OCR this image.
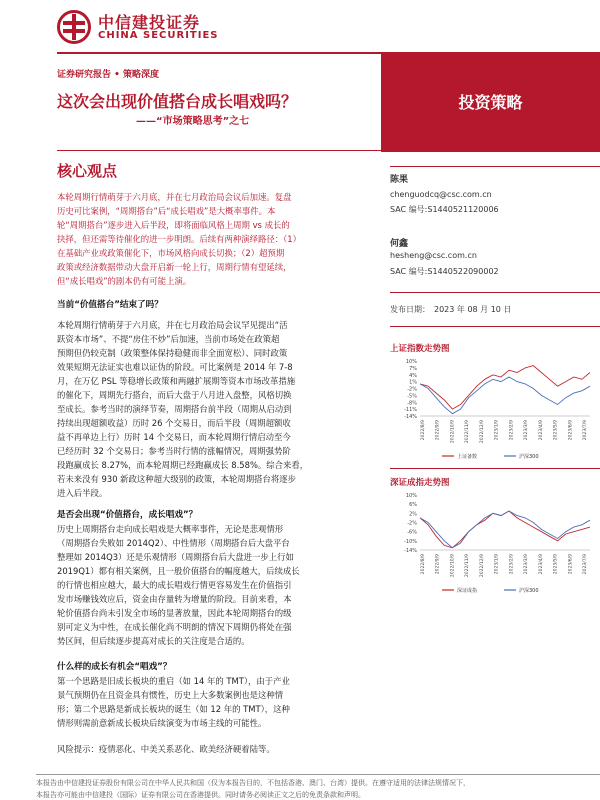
中信建投证券
CHINA SECURITIES
证券研究报告 • 策略深度
这次会出现价值搭台成长唱戏吗？
——“市场策略思考”之七
投资策略
核心观点

本轮周期行情萌芽于六月底，并在七月政治局会议后加速。复盘
历史可比案例，“周期搭台”后“成长唱戏”是大概率事件。本
轮“周期搭台”逐步进入后半段，即将面临风格上周期 vs 成长的
抉择，但还需等待催化的进一步明朗。后续有两种演绎路径：（1）
在基础产业或政策催化下，市场风格向成长切换；（2）超预期
政策或经济数据带动大盘开启新一轮上行，周期行情有望延续，
但“成长唱戏”的剧本仍有可能上演。

当前“价值搭台”结束了吗？

本轮周期行情萌芽于六月底，并在七月政治局会议罕见提出“活
跃资本市场”、不提“房住不炒”后加速，当前市场处在政策超
预期但仍较克制（政策整体保持稳健而非全面宽松）、同时政策
效果短期无法证实也难以证伪的阶段。可比案例是 2014 年 7-8
月，在万亿 PSL 等稳增长政策和两融扩展期等资本市场改革措施
的催化下，周期先行搭台，而后大盘于八月进入盘整，风格切换
至成长。参考当时的演绎节奏，周期搭台前半段（周期从启动到
持续出现超额收益）历时 26 个交易日，而后半段（周期超额收
益不再单边上行）历时 14 个交易日，而本轮周期行情启动至今
已经历时 32 个交易日；参考当时行情的涨幅情况，周期强势阶
段跑赢成长 8.27%，而本轮周期已经跑赢成长 8.58%。综合来看，
若未来没有 930 新政这种超大级别的政策，本轮周期搭台将逐步
进入后半段。

是否会出现“价值搭台，成长唱戏”？

历史上周期搭台走向成长唱戏是大概率事件，无论是悲观情形
（周期搭台失败如 2014Q2）、中性情形（周期搭台后大盘平台
整理如 2014Q3）还是乐观情形（周期搭台后大盘进一步上行如
2019Q1）都有相关案例，且一般价值搭台的幅度越大，后续成长
的行情也相应越大，最大的成长唱戏行情更容易发生在价值指引
发市场赚钱效应后，资金由存量转为增量的阶段。目前来看，本
轮价值搭台尚未引发全市场的显著放量，因此本轮周期搭台的级
别可定义为中性，在成长催化尚不明朗的情况下周期仍将处在强
势区间，但后续逐步提高对成长的关注度是合适的。

什么样的成长有机会“唱戏”？

第一个思路是旧成长板块的重启（如 14 年的 TMT），由于产业
景气预期仍在且资金具有惯性，历史上大多数案例也是这种情
形；第二个思路是新成长板块的诞生（如 12 年的 TMT），这种
情形则需前意新成长板块后续演变为市场主线的可能性。

风险提示：疫情恶化、中美关系恶化、欧美经济硬着陆等。
陈果
chenguodcq@csc.com.cn
SAC 编号:S1440521120006
何鑫
hesheng@csc.com.cn
SAC 编号:S1440522090002
发布日期：　2023 年 08 月 10 日
上证指数走势图
10%
7%
4%
1%
-2%
-5%
-8%
-11%
-14%
2022/8/9 2022/9/9 2022/10/9 2022/11/9 2022/12/9 2023/1/9 2023/2/9 2023/3/9 2023/4/9 2023/5/9 2023/6/9 2023/7/9
上证备数	沪深300
深证成指走势图
10%
6%
2%
-2%
-6%
-10%
-14%
2022/8/9 2022/9/9 2022/10/9 2022/11/9 2022/12/9 2023/1/9 2023/2/9 2023/3/9 2023/4/9 2023/5/9 2023/6/9 2023/7/9
深证成指	沪深300
本报告由中信建投证券股份有限公司在中华人民共和国（仅为本报告目的，不包括香港、澳门、台湾）提供。在遵守适用的法律法规情况下，
本报告亦可能由中信建投（国际）证券有限公司在香港提供。同时请务必阅读正文之后的免责条款和声明。
